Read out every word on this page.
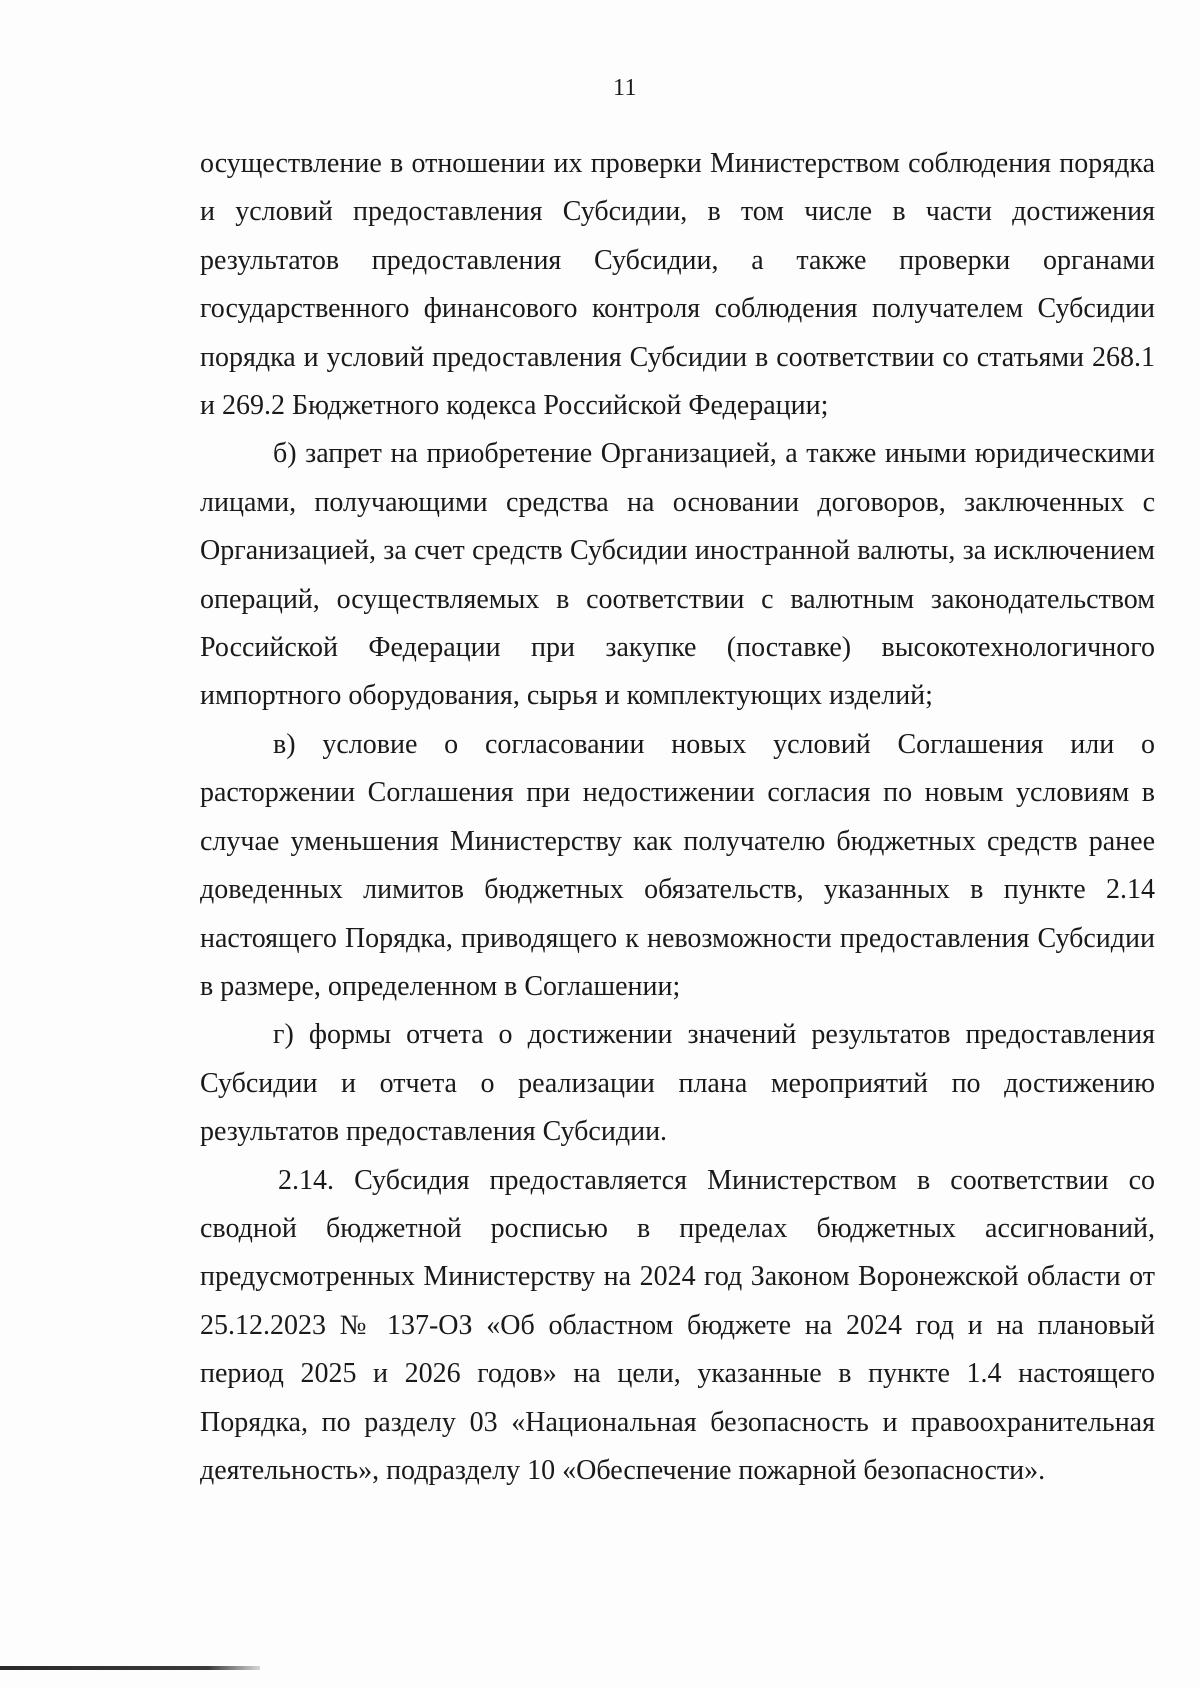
11

осуществление в отношении их проверки Министерством соблюдения порядка и условий предоставления Субсидии, в том числе в части достижения результатов предоставления Субсидии, а также проверки органами государственного финансового контроля соблюдения получателем Субсидии порядка и условий предоставления Субсидии в соответствии со статьями 268.1 и 269.2 Бюджетного кодекса Российской Федерации;

б) запрет на приобретение Организацией, а также иными юридическими лицами, получающими средства на основании договоров, заключенных с Организацией, за счет средств Субсидии иностранной валюты, за исключением операций, осуществляемых в соответствии с валютным законодательством Российской Федерации при закупке (поставке) высокотехнологичного импортного оборудования, сырья и комплектующих изделий;

в) условие о согласовании новых условий Соглашения или о расторжении Соглашения при недостижении согласия по новым условиям в случае уменьшения Министерству как получателю бюджетных средств ранее доведенных лимитов бюджетных обязательств, указанных в пункте 2.14 настоящего Порядка, приводящего к невозможности предоставления Субсидии в размере, определенном в Соглашении;

г) формы отчета о достижении значений результатов предоставления Субсидии и отчета о реализации плана мероприятий по достижению результатов предоставления Субсидии.

2.14. Субсидия предоставляется Министерством в соответствии со сводной бюджетной росписью в пределах бюджетных ассигнований, предусмотренных Министерству на 2024 год Законом Воронежской области от 25.12.2023 № 137-ОЗ «Об областном бюджете на 2024 год и на плановый период 2025 и 2026 годов» на цели, указанные в пункте 1.4 настоящего Порядка, по разделу 03 «Национальная безопасность и правоохранительная деятельность», подразделу 10 «Обеспечение пожарной безопасности».
